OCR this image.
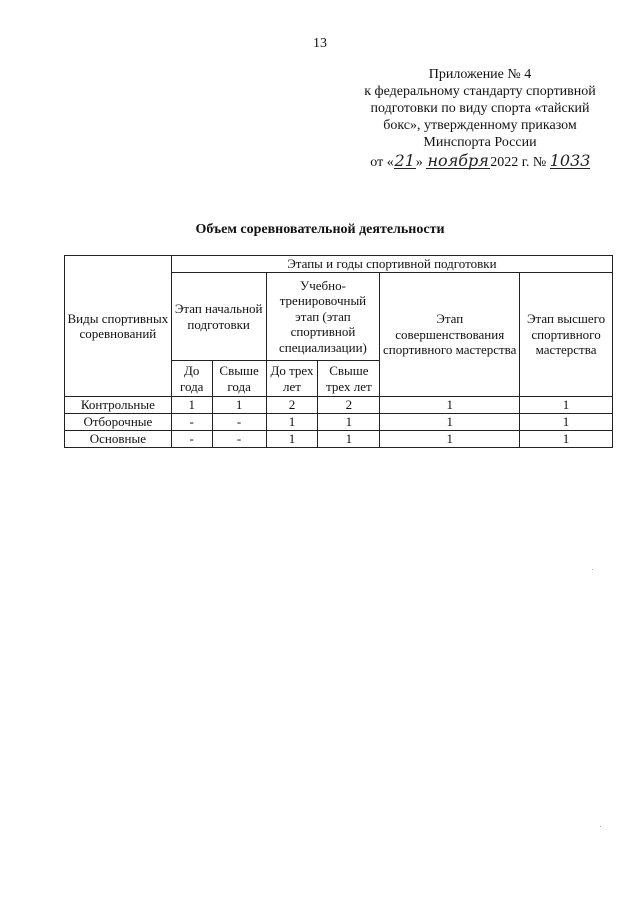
13
Приложение № 4
к федеральному стандарту спортивной
подготовки по виду спорта «тайский
бокс», утвержденному приказом
Минспорта России
от «21» ноября2022 г. № 1033
Объем соревновательной деятельности
Виды спортивных соревнований	Этапы и годы спортивной подготовки					
	Этап начальной подготовки		Учебно-тренировочный этап (этап спортивной специализации)		Этап совершенствования спортивного мастерства	Этап высшего спортивного мастерства
	До года	Свыше года	До трех лет	Свыше трех лет		
Контрольные	1	1	2	2	1	1
Отборочные	-	-	1	1	1	1
Основные	-	-	1	1	1	1
